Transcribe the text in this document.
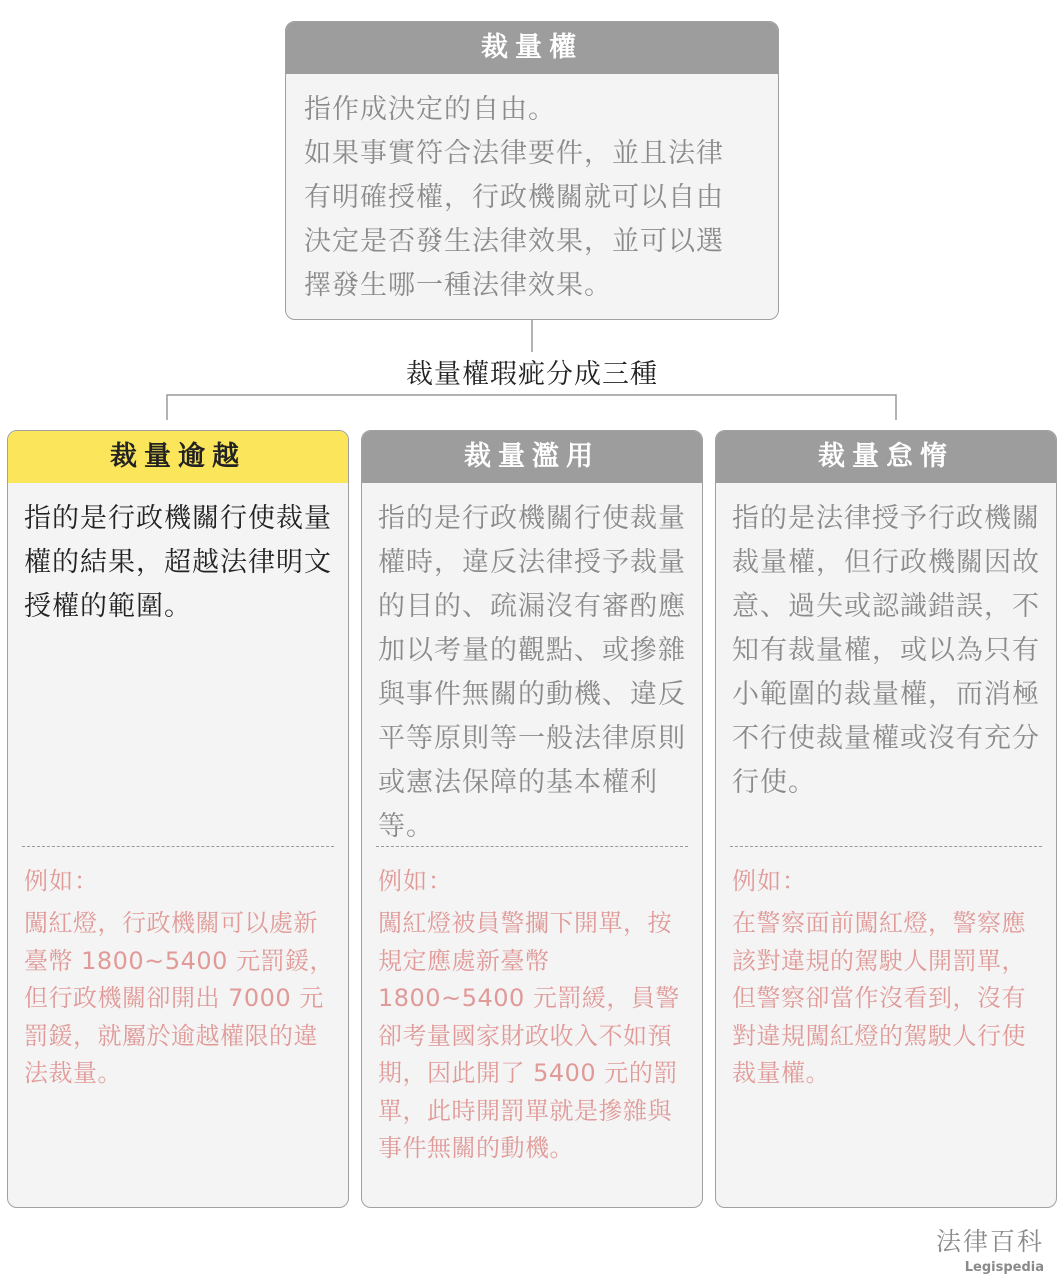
裁量權

指作成決定的自由。

如果事實符合法律要件，並且法律

有明確授權，行政機關就可以自由

決定是否發生法律效果，並可以選

擇發生哪一種法律效果。

裁量權瑕疵分成三種
裁量逾越
指的是行政機關行使裁量權的結果，超越法律明文授權的範圍。
例如：
闖紅燈，行政機關可以處新臺幣 1800~5400 元罰鍰，但行政機關卻開出 7000 元罰鍰，就屬於逾越權限的違法裁量。
裁量濫用
指的是行政機關行使裁量權時，違反法律授予裁量的目的、疏漏沒有審酌應加以考量的觀點、或摻雜與事件無關的動機、違反平等原則等一般法律原則或憲法保障的基本權利等。
例如：
闖紅燈被員警攔下開單，按規定應處新臺幣 1800~5400 元罰緩，員警卻考量國家財政收入不如預期，因此開了 5400 元的罰單，此時開罰單就是摻雜與事件無關的動機。
裁量怠惰
指的是法律授予行政機關裁量權，但行政機關因故意、過失或認識錯誤，不知有裁量權，或以為只有小範圍的裁量權，而消極不行使裁量權或沒有充分行使。
例如：
在警察面前闖紅燈，警察應該對違規的駕駛人開罰單，但警察卻當作沒看到，沒有對違規闖紅燈的駕駛人行使裁量權。
法律百科
Legispedia
